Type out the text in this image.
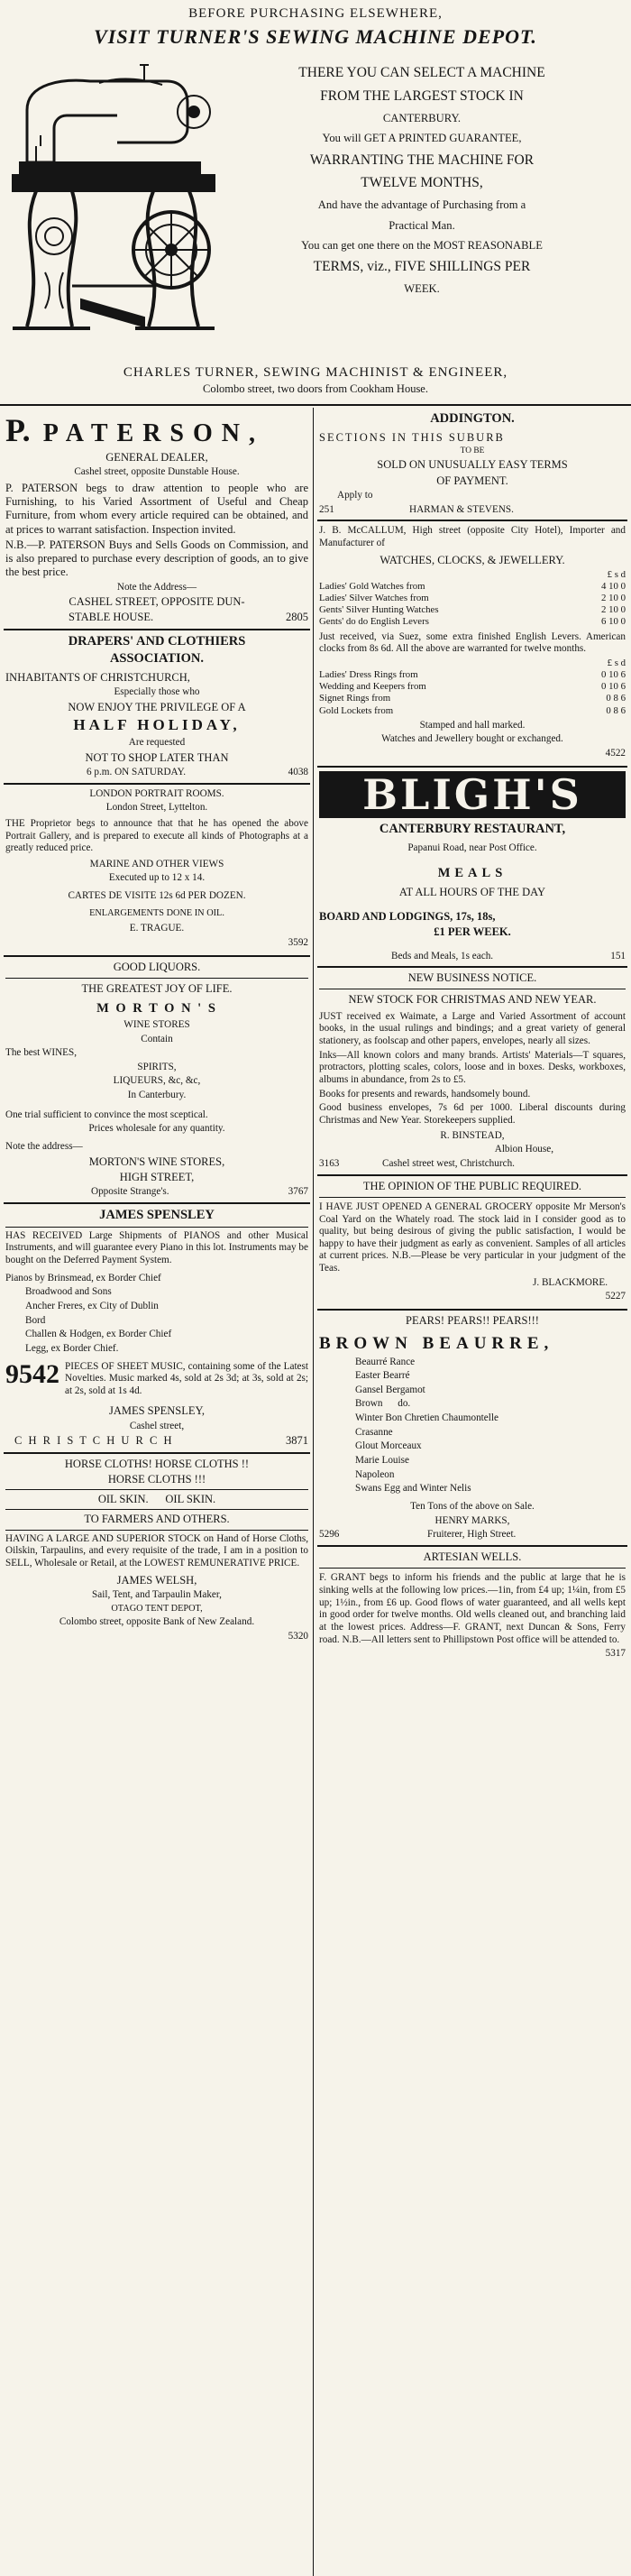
BEFORE PURCHASING ELSEWHERE,
VISIT TURNER'S SEWING MACHINE DEPOT.

THERE YOU CAN SELECT A MACHINE

FROM THE LARGEST STOCK IN

CANTERBURY.

You will GET A PRINTED GUARANTEE,

WARRANTING THE MACHINE FOR

TWELVE MONTHS,

And have the advantage of Purchasing from a

Practical Man.

You can get one there on the MOST REASONABLE

TERMS, viz., FIVE SHILLINGS PER

WEEK.

CHARLES TURNER, SEWING MACHINIST & ENGINEER,
Colombo street, two doors from Cookham House.
P. PATERSON,

GENERAL DEALER,

Cashel street, opposite Dunstable House.

P. PATERSON begs to draw attention to people who are Furnishing, to his Varied Assortment of Useful and Cheap Furniture, from whom every article required can be obtained, and at prices to warrant satisfaction. Inspection invited.

N.B.—P. PATERSON Buys and Sells Goods on Commission, and is also prepared to purchase every description of goods, an to give the best price.

Note the Address—

CASHEL STREET, OPPOSITE DUN-

STABLE HOUSE.	2805

DRAPERS' AND CLOTHIERS

ASSOCIATION.

INHABITANTS OF CHRISTCHURCH,

Especially those who

NOW ENJOY THE PRIVILEGE OF A

HALF HOLIDAY,

Are requested

NOT TO SHOP LATER THAN

6 p.m. ON SATURDAY.	4038

LONDON PORTRAIT ROOMS.

London Street, Lyttelton.

THE Proprietor begs to announce that that he has opened the above Portrait Gallery, and is prepared to execute all kinds of Photographs at a greatly reduced price.

MARINE AND OTHER VIEWS

Executed up to 12 x 14.

CARTES DE VISITE 12s 6d PER DOZEN.

ENLARGEMENTS DONE IN OIL.

E. TRAGUE.

3592

GOOD LIQUORS.

THE GREATEST JOY OF LIFE.

M O R T O N ' S

WINE STORES

Contain

The best WINES,

SPIRITS,

LIQUEURS, &c, &c,

In Canterbury.

One trial sufficient to convince the most sceptical.

Prices wholesale for any quantity.

Note the address—

MORTON'S WINE STORES,

HIGH STREET,

Opposite Strange's.	3767

JAMES SPENSLEY

HAS RECEIVED Large Shipments of PIANOS and other Musical Instruments, and will guarantee every Piano in this lot. Instruments may be bought on the Deferred Payment System.

Pianos by Brinsmead, ex Border Chief

Broadwood and Sons

Ancher Freres, ex City of Dublin

Bord

Challen & Hodgen, ex Border Chief

Legg, ex Border Chief.

9542 PIECES OF SHEET MUSIC, containing some of the Latest Novelties. Music marked 4s, sold at 2s 3d; at 3s, sold at 2s; at 2s, sold at 1s 4d.

JAMES SPENSLEY,

Cashel street,

C H R I S T C H U R C H	3871

HORSE CLOTHS! HORSE CLOTHS !!

HORSE CLOTHS !!!

OIL SKIN.      OIL SKIN.

TO FARMERS AND OTHERS.

HAVING A LARGE AND SUPERIOR STOCK on Hand of Horse Cloths, Oilskin, Tarpaulins, and every requisite of the trade, I am in a position to SELL, Wholesale or Retail, at the LOWEST REMUNERATIVE PRICE.

JAMES WELSH,

Sail, Tent, and Tarpaulin Maker,

OTAGO TENT DEPOT,

Colombo street, opposite Bank of New Zealand.

5320

ADDINGTON.

SECTIONS IN THIS SUBURB

TO BE

SOLD ON UNUSUALLY EASY TERMS

OF PAYMENT.

Apply to

251	HARMAN & STEVENS.

J. B. McCALLUM, High street (opposite City Hotel), Importer and Manufacturer of

WATCHES, CLOCKS, & JEWELLERY.

	£ s d
Ladies' Gold Watches from	4 10 0
Ladies' Silver Watches from	2 10 0
Gents' Silver Hunting Watches	2 10 0
Gents' do do English Levers	6 10 0

Just received, via Suez, some extra finished English Levers. American clocks from 8s 6d. All the above are warranted for twelve months.

	£ s d
Ladies' Dress Rings from	0 10 6
Wedding and Keepers from	0 10 6
Signet Rings from	0 8 6
Gold Lockets from	0 8 6

Stamped and hall marked.

Watches and Jewellery bought or exchanged.

4522

BLIGH'S

CANTERBURY RESTAURANT,

Papanui Road, near Post Office.

MEALS

AT ALL HOURS OF THE DAY

BOARD AND LODGINGS, 17s, 18s,

£1 PER WEEK.

Beds and Meals, 1s each.	151

NEW BUSINESS NOTICE.

NEW STOCK FOR CHRISTMAS AND NEW YEAR.

JUST received ex Waimate, a Large and Varied Assortment of account books, in the usual rulings and bindings; and a great variety of general stationery, as foolscap and other papers, envelopes, nearly all sizes.

Inks—All known colors and many brands. Artists' Materials—T squares, protractors, plotting scales, colors, loose and in boxes. Desks, workboxes, albums in abundance, from 2s to £5.

Books for presents and rewards, handsomely bound.

Good business envelopes, 7s 6d per 1000. Liberal discounts during Christmas and New Year. Storekeepers supplied.

R. BINSTEAD,

Albion House,

3163	Cashel street west, Christchurch.

THE OPINION OF THE PUBLIC REQUIRED.

I HAVE JUST OPENED A GENERAL GROCERY opposite Mr Merson's Coal Yard on the Whately road. The stock laid in I consider good as to quality, but being desirous of giving the public satisfaction, I would be happy to have their judgment as early as convenient. Samples of all articles at current prices. N.B.—Please be very particular in your judgment of the Teas.

J. BLACKMORE.

5227

PEARS! PEARS!! PEARS!!!

BROWN BEAURRE,

Beaurré Rance

Easter Bearré

Gansel Bergamot

Brown      do.

Winter Bon Chretien Chaumontelle

Crasanne

Glout Morceaux

Marie Louise

Napoleon

Swans Egg and Winter Nelis

Ten Tons of the above on Sale.

HENRY MARKS,

5296	Fruiterer, High Street.

ARTESIAN WELLS.

F. GRANT begs to inform his friends and the public at large that he is sinking wells at the following low prices.—1in, from £4 up; 1¼in, from £5 up; 1½in., from £6 up. Good flows of water guaranteed, and all wells kept in good order for twelve months. Old wells cleaned out, and branching laid at the lowest prices. Address—F. GRANT, next Duncan & Sons, Ferry road. N.B.—All letters sent to Phillipstown Post office will be attended to.

5317
